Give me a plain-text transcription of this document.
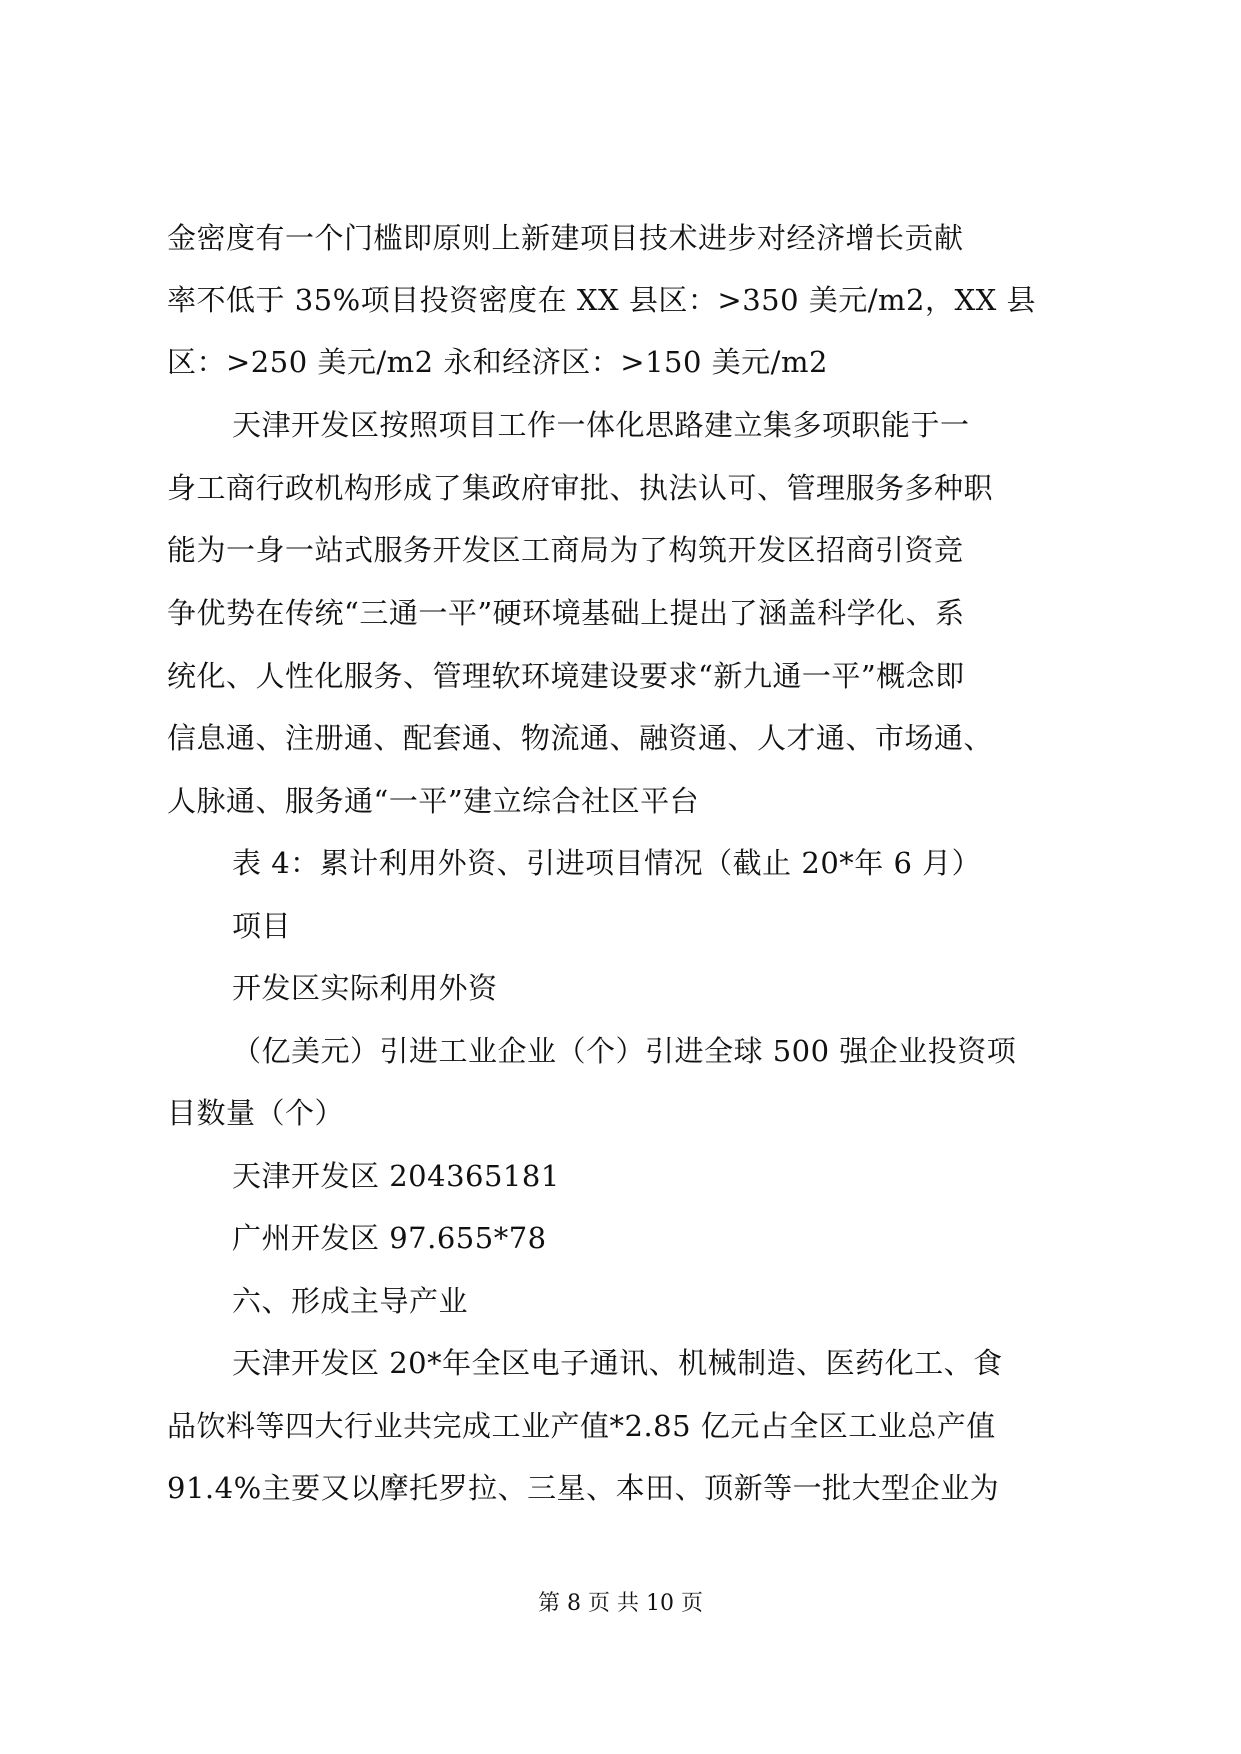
金密度有一个门槛即原则上新建项目技术进步对经济增长贡献
率不低于 35%项目投资密度在 XX 县区：>350 美元/m2，XX 县
区：>250 美元/m2 永和经济区：>150 美元/m2
天津开发区按照项目工作一体化思路建立集多项职能于一
身工商行政机构形成了集政府审批、执法认可、管理服务多种职
能为一身一站式服务开发区工商局为了构筑开发区招商引资竞
争优势在传统“三通一平”硬环境基础上提出了涵盖科学化、系
统化、人性化服务、管理软环境建设要求“新九通一平”概念即
信息通、注册通、配套通、物流通、融资通、人才通、市场通、
人脉通、服务通“一平”建立综合社区平台
表 4：累计利用外资、引进项目情况（截止 20*年 6 月）
项目
开发区实际利用外资
（亿美元）引进工业企业（个）引进全球 500 强企业投资项
目数量（个）
天津开发区 204365181
广州开发区 97.655*78
六、形成主导产业
天津开发区 20*年全区电子通讯、机械制造、医药化工、食
品饮料等四大行业共完成工业产值*2.85 亿元占全区工业总产值
91.4%主要又以摩托罗拉、三星、本田、顶新等一批大型企业为
第 8 页 共 10 页
